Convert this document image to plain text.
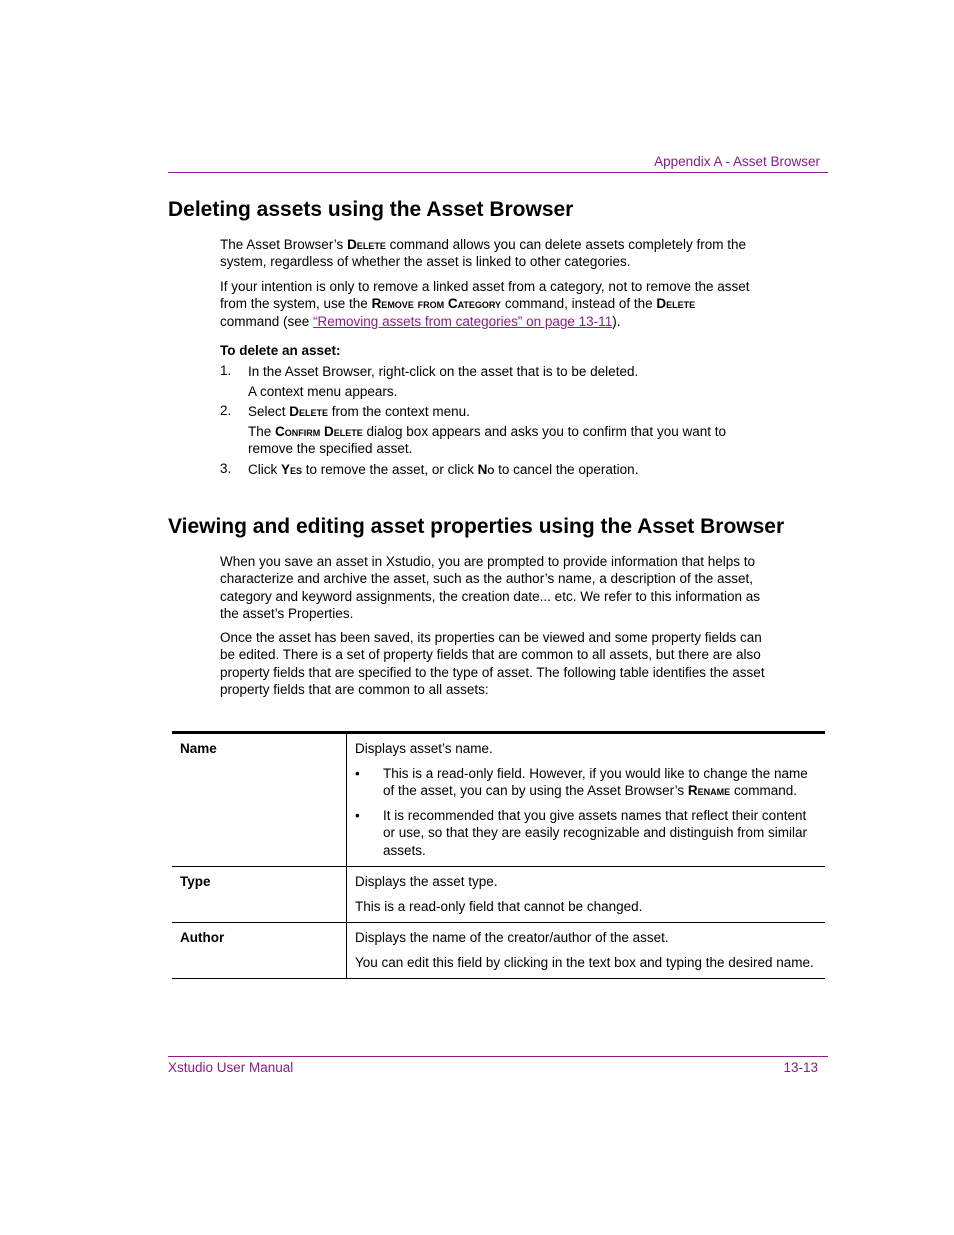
Appendix A - Asset Browser
Deleting assets using the Asset Browser
The Asset Browser’s Delete command allows you can delete assets completely from the
system, regardless of whether the asset is linked to other categories.
If your intention is only to remove a linked asset from a category, not to remove the asset
from the system, use the Remove from Category command, instead of the Delete
command (see “Removing assets from categories” on page 13-11).
To delete an asset:
1. In the Asset Browser, right-click on the asset that is to be deleted.
A context menu appears.
2. Select Delete from the context menu.
The Confirm Delete dialog box appears and asks you to confirm that you want to
remove the specified asset.
3. Click Yes to remove the asset, or click No to cancel the operation.
Viewing and editing asset properties using the Asset Browser
When you save an asset in Xstudio, you are prompted to provide information that helps to
characterize and archive the asset, such as the author’s name, a description of the asset,
category and keyword assignments, the creation date... etc. We refer to this information as
the asset’s Properties.
Once the asset has been saved, its properties can be viewed and some property fields can
be edited. There is a set of property fields that are common to all assets, but there are also
property fields that are specified to the type of asset. The following table identifies the asset
property fields that are common to all assets:
Name	Displays asset’s name.

• This is a read-only field. However, if you would like to change the name of the asset, you can by using the Asset Browser’s Rename command.

• It is recommended that you give assets names that reflect their content or use, so that they are easily recognizable and distinguish from similar assets.

Type	Displays the asset type.

This is a read-only field that cannot be changed.

Author	Displays the name of the creator/author of the asset.

You can edit this field by clicking in the text box and typing the desired name.

Xstudio User Manual	13-13
